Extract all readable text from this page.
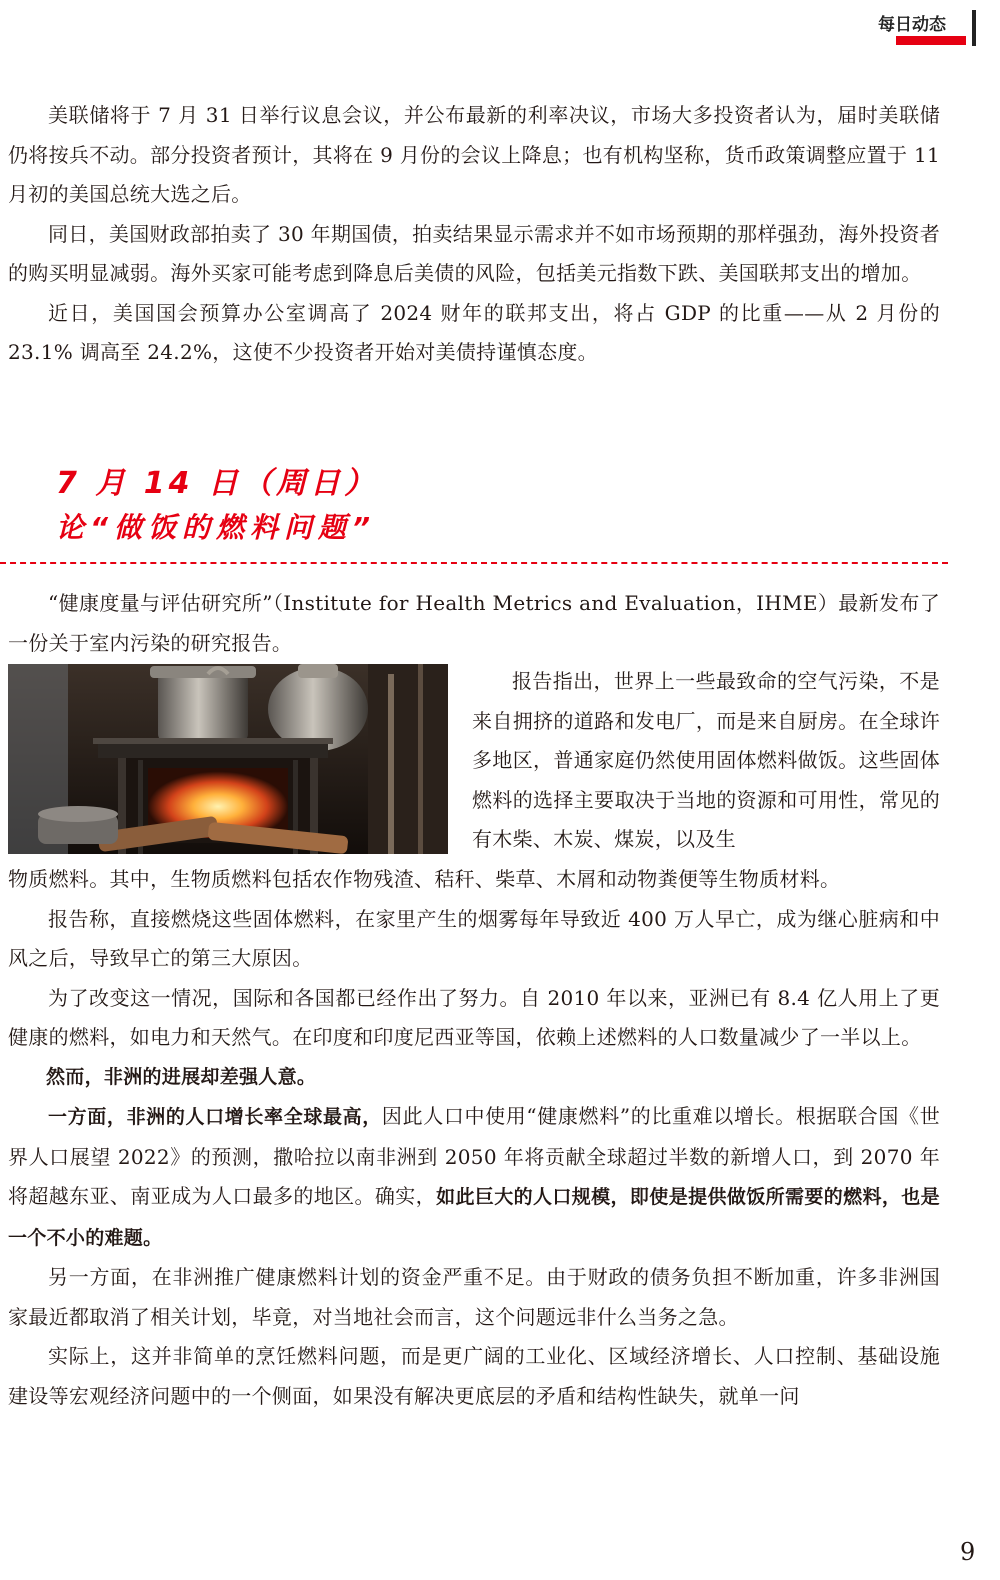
每日动态

美联储将于 7 月 31 日举行议息会议，并公布最新的利率决议，市场大多投资者认为，届时美联储仍将按兵不动。部分投资者预计，其将在 9 月份的会议上降息；也有机构坚称，货币政策调整应置于 11 月初的美国总统大选之后。

同日，美国财政部拍卖了 30 年期国债，拍卖结果显示需求并不如市场预期的那样强劲，海外投资者的购买明显减弱。海外买家可能考虑到降息后美债的风险，包括美元指数下跌、美国联邦支出的增加。

近日，美国国会预算办公室调高了 2024 财年的联邦支出，将占 GDP 的比重——从 2 月份的 23.1% 调高至 24.2%，这使不少投资者开始对美债持谨慎态度。

7 月 14 日（周日）
论“做饭的燃料问题”

“健康度量与评估研究所”（Institute for Health Metrics and Evaluation，IHME）最新发布了一份关于室内污染的研究报告。

报告指出，世界上一些最致命的空气污染，不是来自拥挤的道路和发电厂，而是来自厨房。在全球许多地区，普通家庭仍然使用固体燃料做饭。这些固体燃料的选择主要取决于当地的资源和可用性，常见的有木柴、木炭、煤炭，以及生

物质燃料。其中，生物质燃料包括农作物残渣、秸秆、柴草、木屑和动物粪便等生物质材料。

报告称，直接燃烧这些固体燃料，在家里产生的烟雾每年导致近 400 万人早亡，成为继心脏病和中风之后，导致早亡的第三大原因。

为了改变这一情况，国际和各国都已经作出了努力。自 2010 年以来，亚洲已有 8.4 亿人用上了更健康的燃料，如电力和天然气。在印度和印度尼西亚等国，依赖上述燃料的人口数量减少了一半以上。

然而，非洲的进展却差强人意。

一方面，非洲的人口增长率全球最高，因此人口中使用“健康燃料”的比重难以增长。根据联合国《世界人口展望 2022》的预测，撒哈拉以南非洲到 2050 年将贡献全球超过半数的新增人口，到 2070 年将超越东亚、南亚成为人口最多的地区。确实，如此巨大的人口规模，即使是提供做饭所需要的燃料，也是一个不小的难题。

另一方面，在非洲推广健康燃料计划的资金严重不足。由于财政的债务负担不断加重，许多非洲国家最近都取消了相关计划，毕竟，对当地社会而言，这个问题远非什么当务之急。

实际上，这并非简单的烹饪燃料问题，而是更广阔的工业化、区域经济增长、人口控制、基础设施建设等宏观经济问题中的一个侧面，如果没有解决更底层的矛盾和结构性缺失，就单一问

9
